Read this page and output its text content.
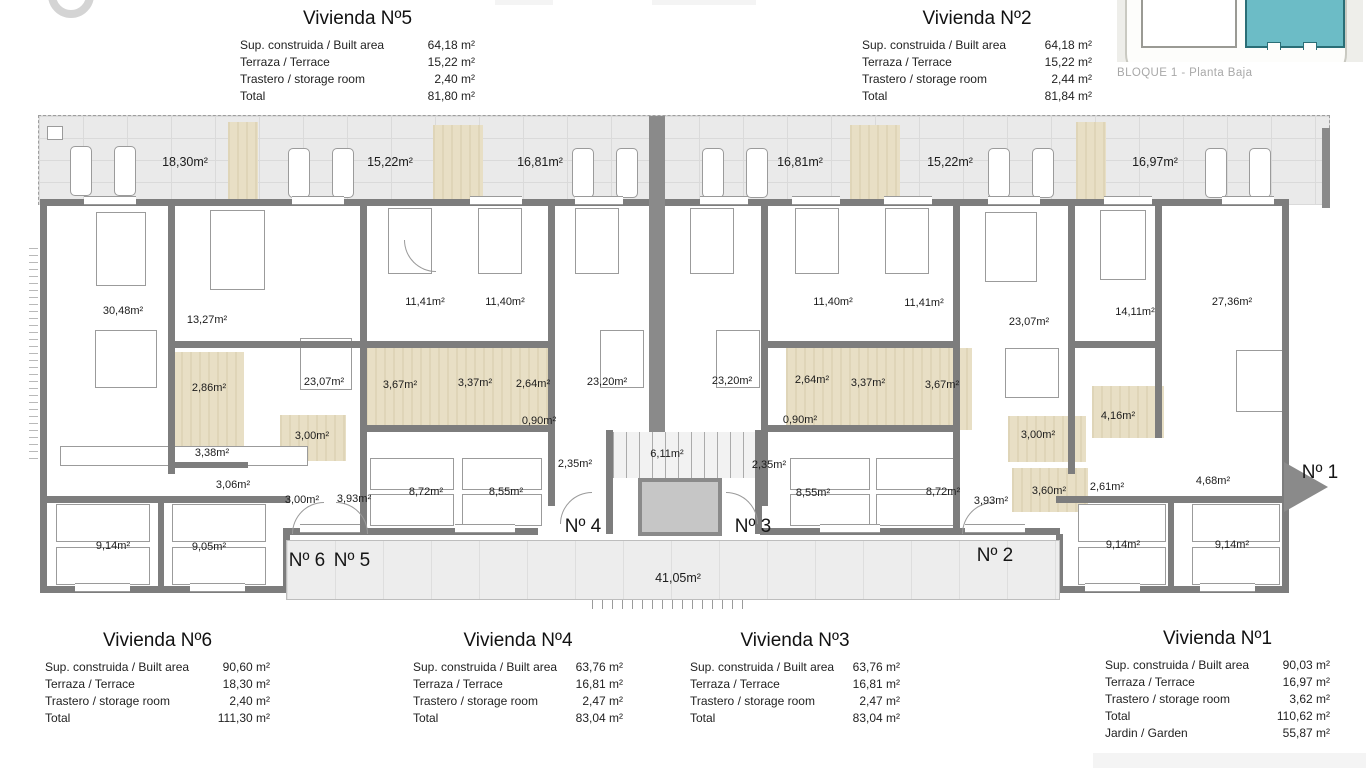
Vivienda Nº5
Sup. construida / Built area	64,18 m²
Terraza / Terrace	15,22 m²
Trastero / storage room	2,40 m²
Total	81,80 m²
Vivienda Nº2
Sup. construida / Built area	64,18 m²
Terraza / Terrace	15,22 m²
Trastero / storage room	2,44 m²
Total	81,84 m²
Vivienda Nº6
Sup. construida / Built area	90,60 m²
Terraza / Terrace	18,30 m²
Trastero / storage room	2,40 m²
Total	111,30 m²
Vivienda Nº4
Sup. construida / Built area 63,76 m²
Terraza / Terrace	16,81 m²
Trastero / storage room	2,47 m²
Total	83,04 m²
Vivienda Nº3
Sup. construida / Built area 63,76 m²
Terraza / Terrace	16,81 m²
Trastero / storage room	2,47 m²
Total	83,04 m²
Vivienda Nº1
Sup. construida / Built area	90,03 m²
Terraza / Terrace	16,97 m²
Trastero / storage room	3,62 m²
Total	110,62 m²
Jardin / Garden	55,87 m²
BLOQUE 1 - Planta Baja
18,30m²	15,22m²	16,81m²	16,81m²	15,22m²	16,97m²
30,48m²
13,27m²
11,41m²	11,40m²	11,40m²	11,41m²
23,07m²
23,07m²
14,11m²
27,36m²
2,86m²	3,67m²	3,37m² 2,64m²	23,20m²	23,20m²	2,64m² 3,37m²	3,67m²
0,90m²	0,90m²	4,16m²
3,00m²	3,00m²
3,38m²
3,06m²
3,00m² 3,93m²
8,72m²	8,55m²
2,35m²
6,11m²
2,35m²
8,55m²	8,72m²
3,93m²
3,60m² 2,61m²	4,68m²
9,14m²	9,05m²	9,14m²	9,14m²
41,05m²
Nº 6 Nº 5
Nº 4	Nº 3
Nº 2
Nº 1
